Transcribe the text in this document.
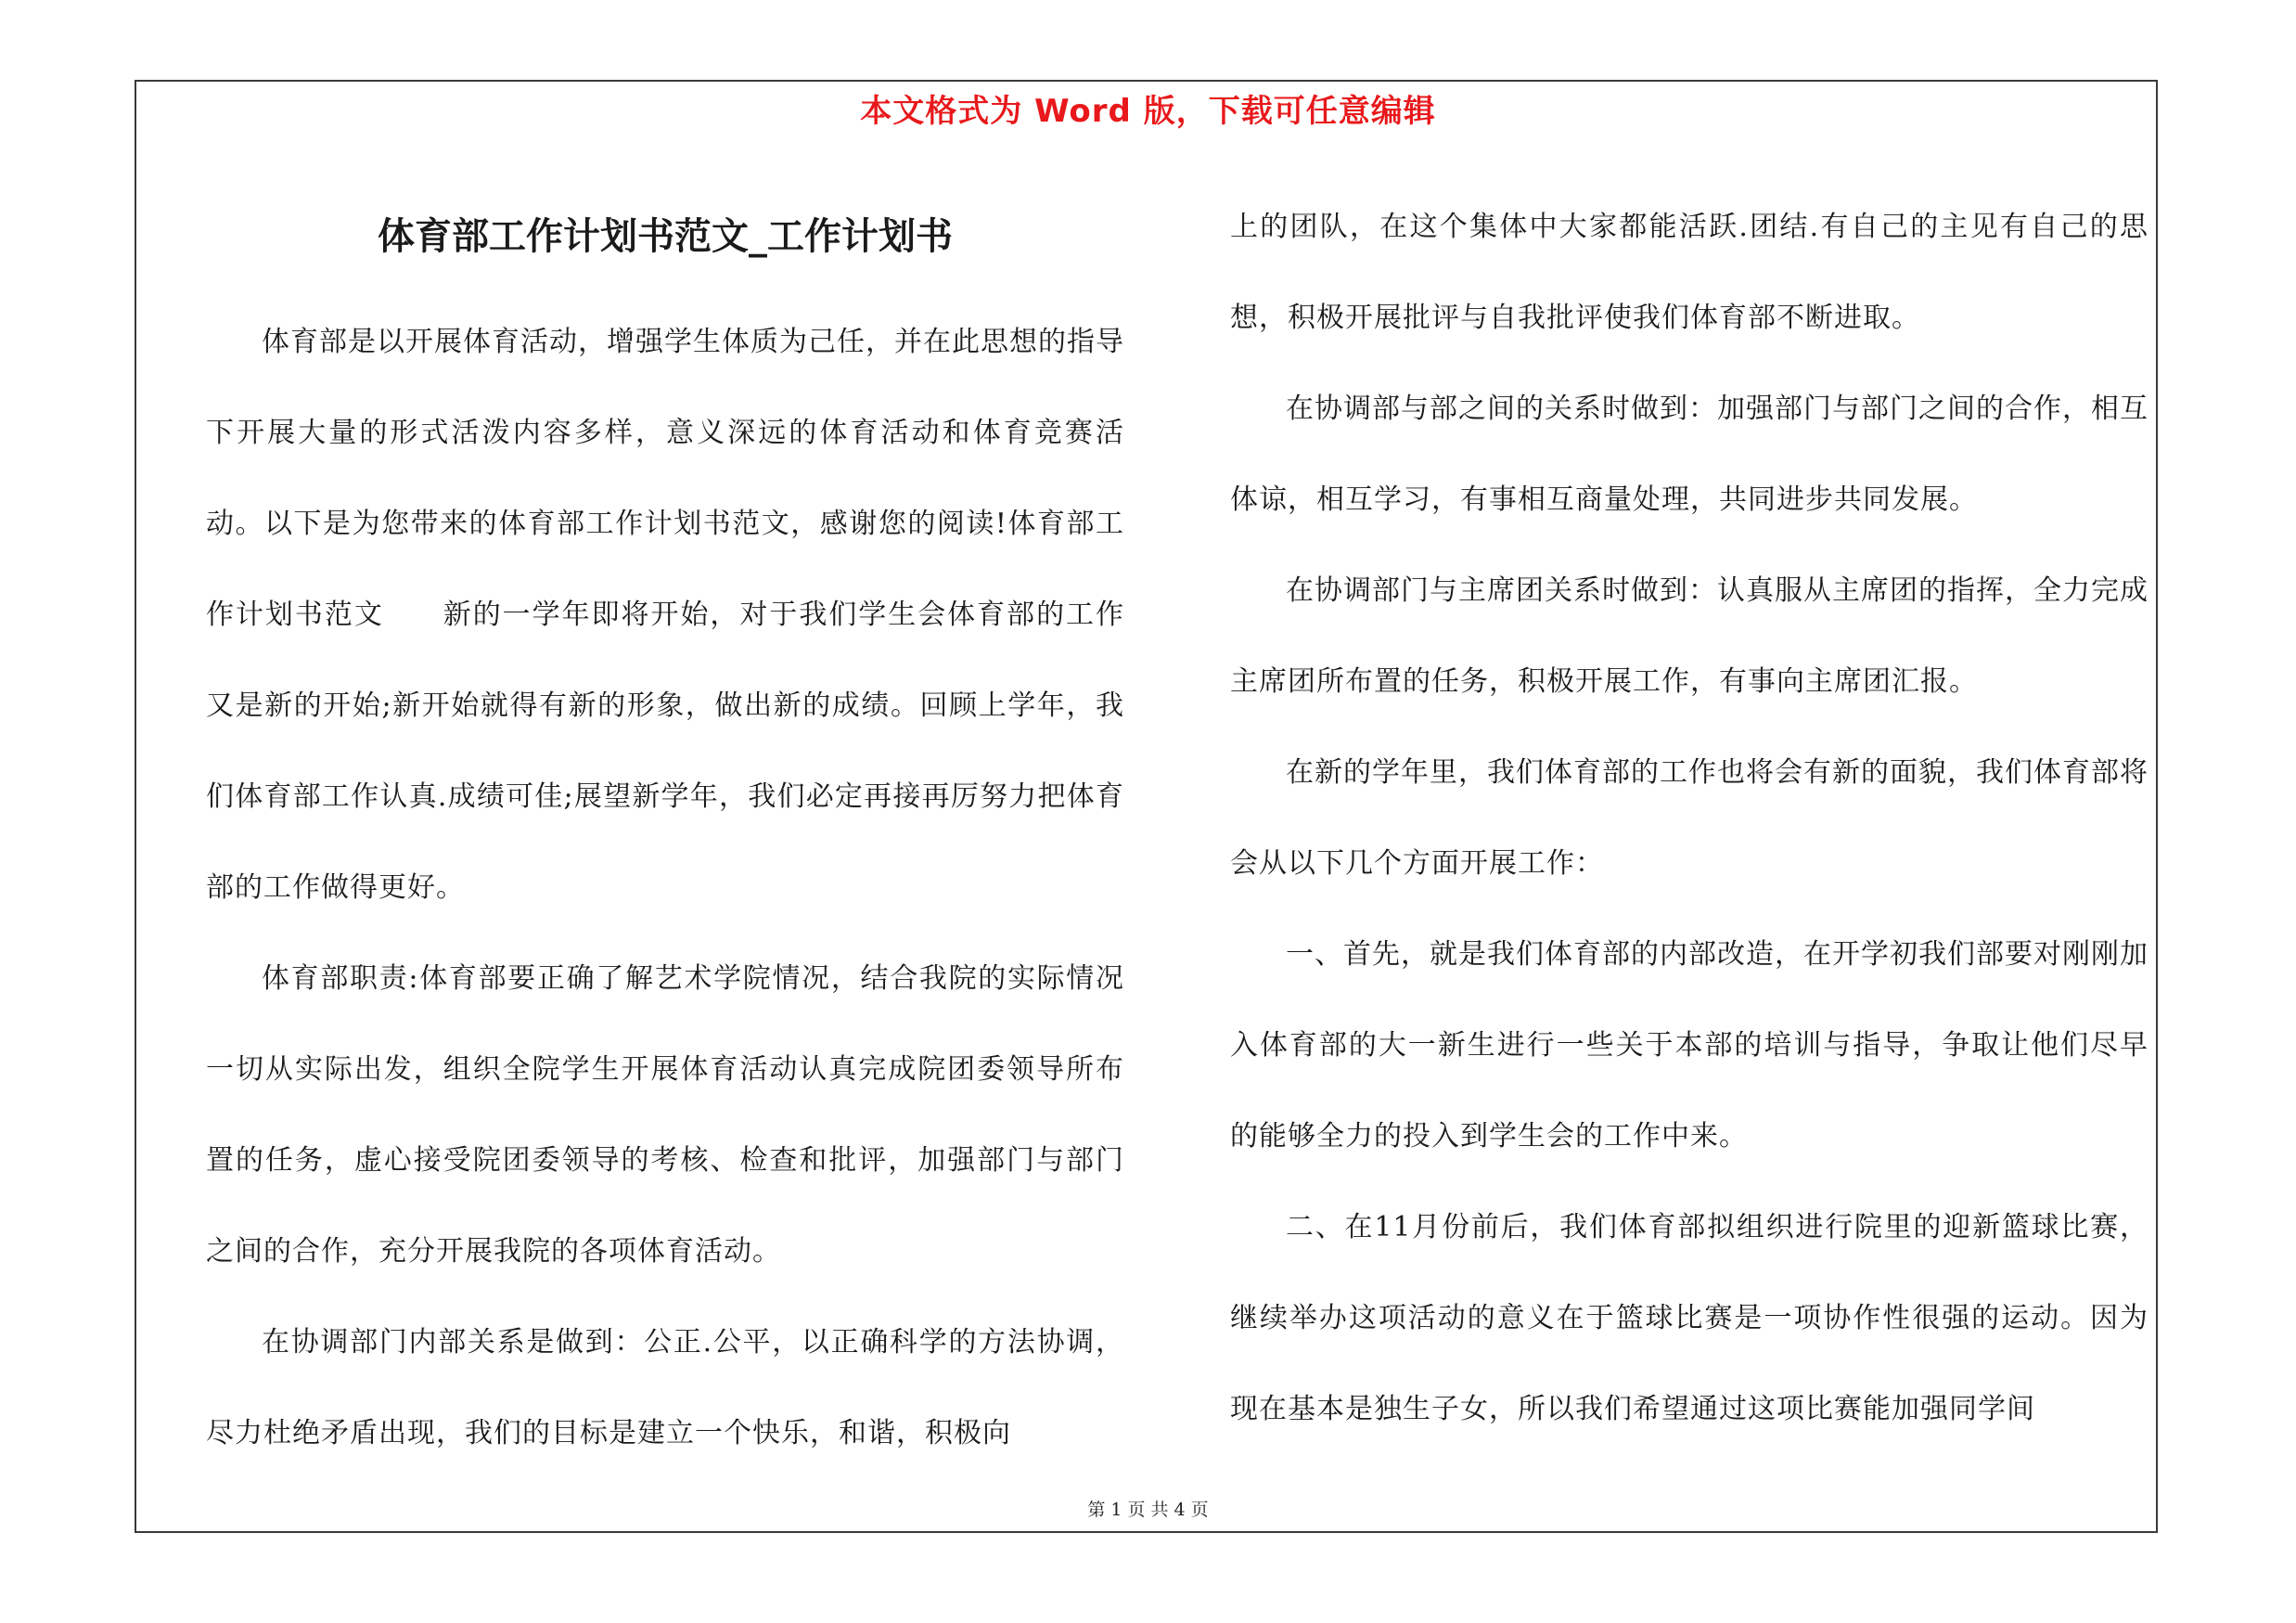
本文格式为 Word 版，下载可任意编辑
体育部工作计划书范文_工作计划书

体育部是以开展体育活动，增强学生体质为己任，并在此思想的指导下开展大量的形式活泼内容多样，意义深远的体育活动和体育竞赛活动。以下是为您带来的体育部工作计划书范文，感谢您的阅读!体育部工作计划书范文　　新的一学年即将开始，对于我们学生会体育部的工作又是新的开始;新开始就得有新的形象，做出新的成绩。回顾上学年，我们体育部工作认真.成绩可佳;展望新学年，我们必定再接再厉努力把体育部的工作做得更好。

体育部职责:体育部要正确了解艺术学院情况，结合我院的实际情况一切从实际出发，组织全院学生开展体育活动认真完成院团委领导所布置的任务，虚心接受院团委领导的考核、检查和批评，加强部门与部门之间的合作，充分开展我院的各项体育活动。

在协调部门内部关系是做到：公正.公平，以正确科学的方法协调，尽力杜绝矛盾出现，我们的目标是建立一个快乐，和谐，积极向

上的团队，在这个集体中大家都能活跃.团结.有自己的主见有自己的思想，积极开展批评与自我批评使我们体育部不断进取。

在协调部与部之间的关系时做到：加强部门与部门之间的合作，相互体谅，相互学习，有事相互商量处理，共同进步共同发展。

在协调部门与主席团关系时做到：认真服从主席团的指挥，全力完成主席团所布置的任务，积极开展工作，有事向主席团汇报。

在新的学年里，我们体育部的工作也将会有新的面貌，我们体育部将会从以下几个方面开展工作：

一、首先，就是我们体育部的内部改造，在开学初我们部要对刚刚加入体育部的大一新生进行一些关于本部的培训与指导，争取让他们尽早的能够全力的投入到学生会的工作中来。

二、在11月份前后，我们体育部拟组织进行院里的迎新篮球比赛，继续举办这项活动的意义在于篮球比赛是一项协作性很强的运动。因为现在基本是独生子女，所以我们希望通过这项比赛能加强同学间

第 1 页 共 4 页
